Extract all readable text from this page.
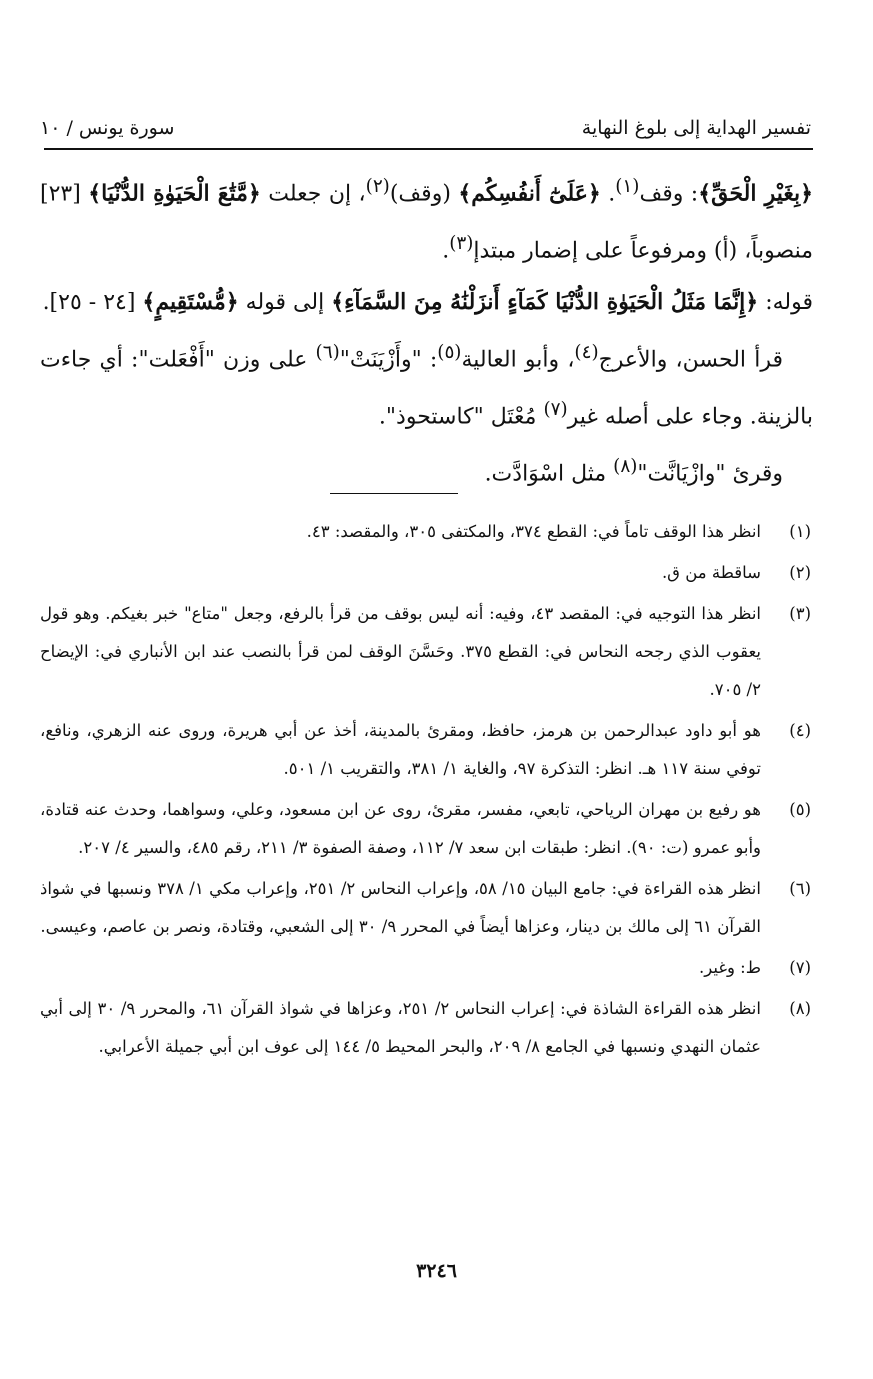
تفسير الهداية إلى بلوغ النهاية
سورة يونس / ١٠

﴿بِغَيْرِ الْحَقِّ﴾: وقف$^{(١)}$. ﴿عَلَىٰٓ أَنفُسِكُم﴾ (وقف)$^{(٢)}$، إن جعلت ﴿مَّتَٰعَ الْحَيَوٰةِ الدُّنْيَا﴾ [٢٣] منصوباً، (أ) ومرفوعاً على إضمار مبتدإ$^{(٣)}$.

قوله: ﴿إِنَّمَا مَثَلُ الْحَيَوٰةِ الدُّنْيَا كَمَآءٍ أَنزَلْنَٰهُ مِنَ السَّمَآءِ﴾ إلى قوله ﴿مُّسْتَقِيمٍ﴾ [٢٤ - ٢٥].

قرأ الحسن، والأعرج$^{(٤)}$، وأبو العالية$^{(٥)}$: "وأَزْيَنَتْ"$^{(٦)}$ على وزن "أَفْعَلت": أي جاءت بالزينة. وجاء على أصله غير$^{(٧)}$ مُعْتَل "كاستحوذ".

وقرئ "وازْيَانَّت"$^{(٨)}$ مثل اسْوَادَّت.

(١)
انظر هذا الوقف تاماً في: القطع ٣٧٤، والمكتفى ٣٠٥، والمقصد: ٤٣.
(٢)
ساقطة من ق.
(٣)
انظر هذا التوجيه في: المقصد ٤٣، وفيه: أنه ليس بوقف من قرأ بالرفع، وجعل "متاع" خبر بغيكم. وهو قول يعقوب الذي رجحه النحاس في: القطع ٣٧٥. وحَسَّنَ الوقف لمن قرأ بالنصب عند ابن الأنباري في: الإيضاح ٢/ ٧٠٥.
(٤)
هو أبو داود عبدالرحمن بن هرمز، حافظ، ومقرئ بالمدينة، أخذ عن أبي هريرة، وروى عنه الزهري، ونافع، توفي سنة ١١٧ هـ. انظر: التذكرة ٩٧، والغاية ١/ ٣٨١، والتقريب ١/ ٥٠١.
(٥)
هو رفيع بن مهران الرياحي، تابعي، مفسر، مقرئ، روى عن ابن مسعود، وعلي، وسواهما، وحدث عنه قتادة، وأبو عمرو (ت: ٩٠). انظر: طبقات ابن سعد ٧/ ١١٢، وصفة الصفوة ٣/ ٢١١، رقم ٤٨٥، والسير ٤/ ٢٠٧.
(٦)
انظر هذه القراءة في: جامع البيان ١٥/ ٥٨، وإعراب النحاس ٢/ ٢٥١، وإعراب مكي ١/ ٣٧٨ ونسبها في شواذ القرآن ٦١ إلى مالك بن دينار، وعزاها أيضاً في المحرر ٩/ ٣٠ إلى الشعبي، وقتادة، ونصر بن عاصم، وعيسى.
(٧)
ط: وغير.
(٨)
انظر هذه القراءة الشاذة في: إعراب النحاس ٢/ ٢٥١، وعزاها في شواذ القرآن ٦١، والمحرر ٩/ ٣٠ إلى أبي عثمان النهدي ونسبها في الجامع ٨/ ٢٠٩، والبحر المحيط ٥/ ١٤٤ إلى عوف ابن أبي جميلة الأعرابي.
٣٢٤٦
